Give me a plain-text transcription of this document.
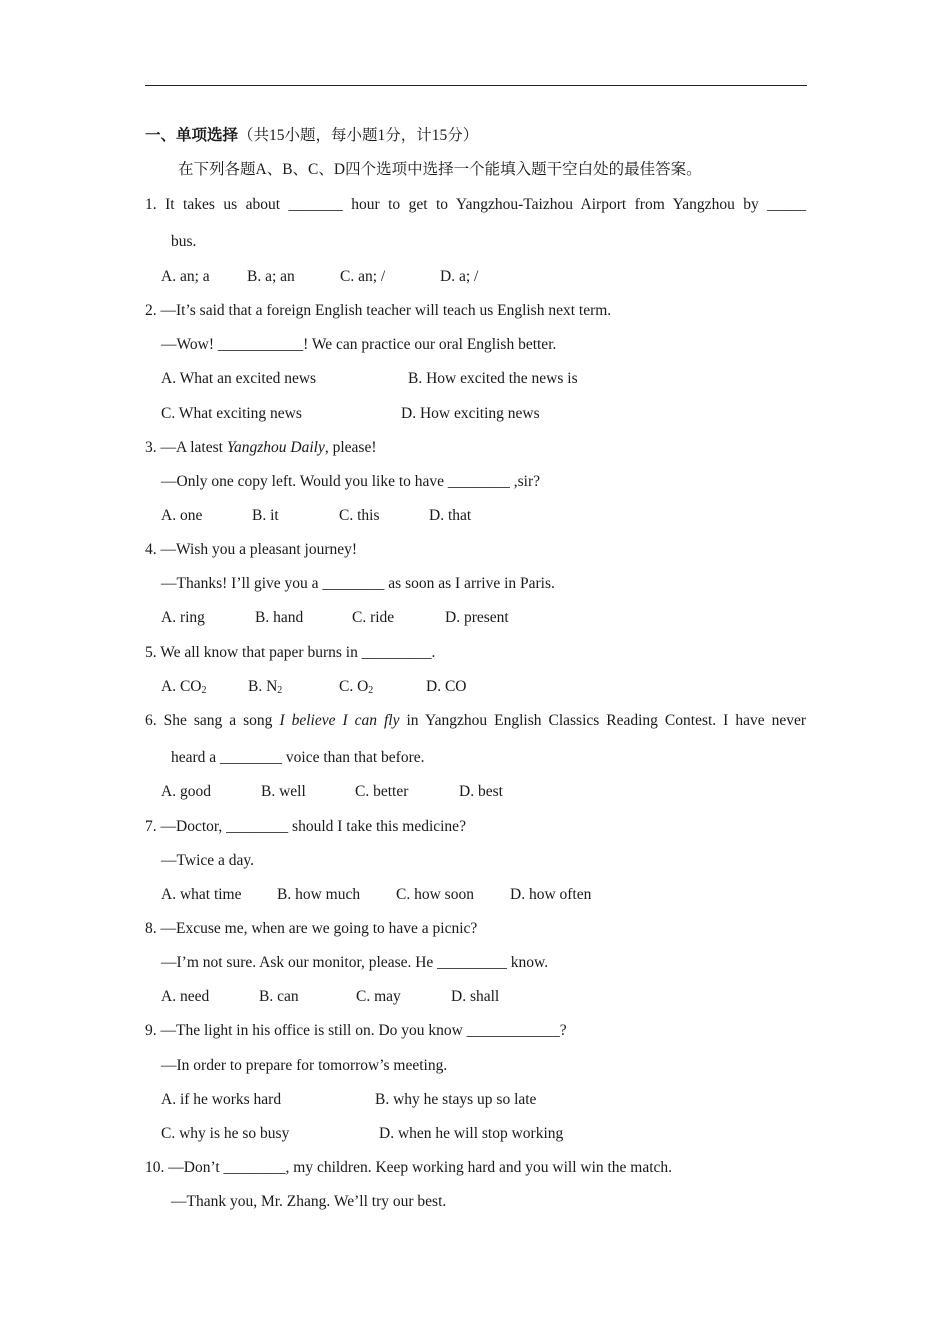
一、单项选择（共15小题，每小题1分，计15分）
在下列各题A、B、C、D四个选项中选择一个能填入题干空白处的最佳答案。
1. It takes us about _______ hour to get to Yangzhou-Taizhou Airport from Yangzhou by _____
bus.
A. an; a B. a; an	C. an; /	D. a; /
2. —It’s said that a foreign English teacher will teach us English next term.
—Wow! ___________! We can practice our oral English better.
A. What an excited news	B. How excited the news is
C. What exciting news	D. How exciting news
3. —A latest Yangzhou Daily, please!
—Only one copy left. Would you like to have ________ ,sir?
A. one	B. it	C. this	D. that
4. —Wish you a pleasant journey!
—Thanks! I’ll give you a ________ as soon as I arrive in Paris.
A. ring	B. hand	C. ride	D. present
5. We all know that paper burns in _________.
A. $CO_2$	B. $N_2$	C. $O_2$	D. CO
6. She sang a song I believe I can fly in Yangzhou English Classics Reading Contest. I have never
heard a ________ voice than that before.
A. good	B. well	C. better	D. best
7. —Doctor, ________ should I take this medicine?
—Twice a day.
A. what time B. how much C. how soon D. how often
8. —Excuse me, when are we going to have a picnic?
—I’m not sure. Ask our monitor, please. He _________ know.
A. need	B. can	C. may	D. shall
9. —The light in his office is still on. Do you know ____________?
—In order to prepare for tomorrow’s meeting.
A. if he works hard	B. why he stays up so late
C. why is he so busy	D. when he will stop working
10. —Don’t ________, my children. Keep working hard and you will win the match.
—Thank you, Mr. Zhang. We’ll try our best.
